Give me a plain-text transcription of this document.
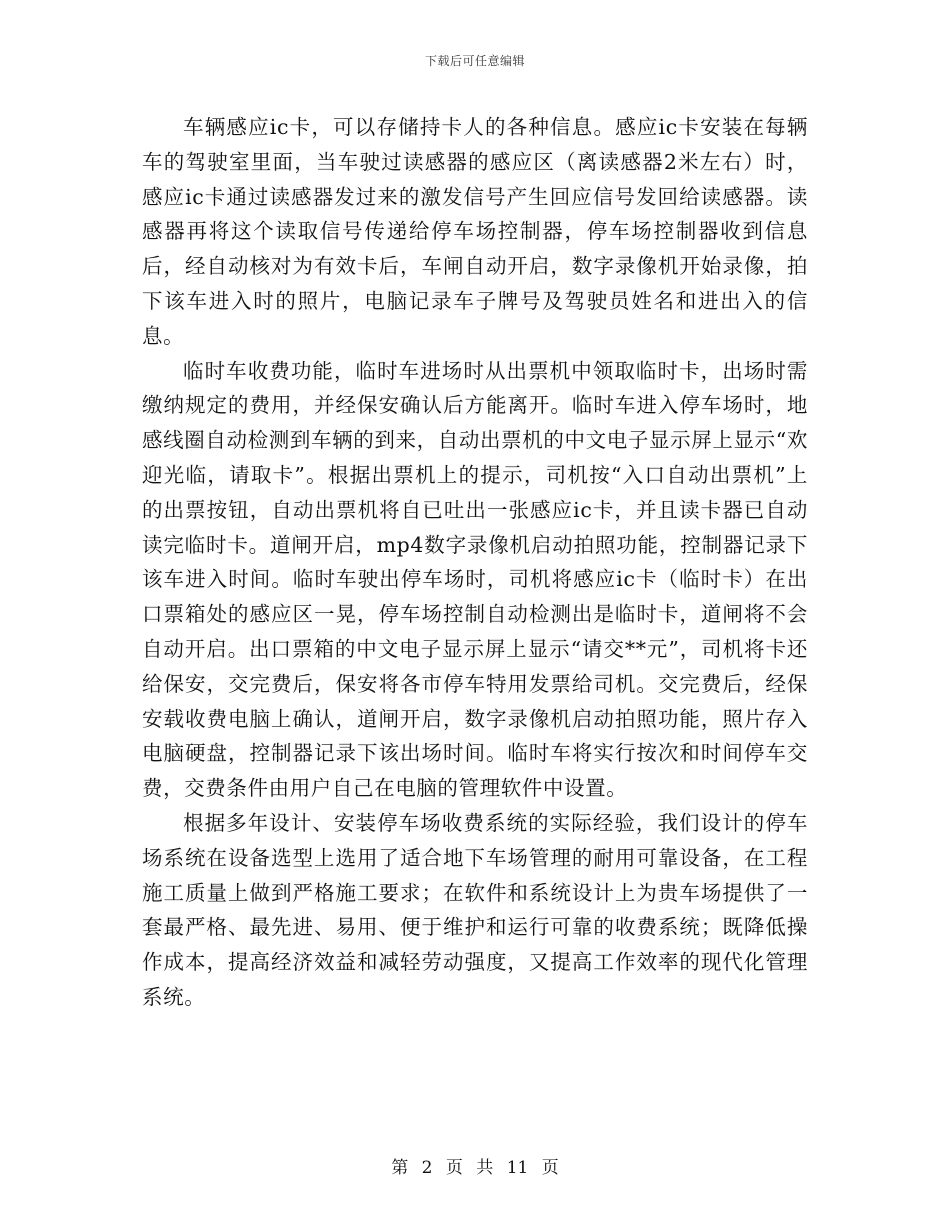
下载后可任意编辑

车辆感应ic卡，可以存储持卡人的各种信息。感应ic卡安装在每辆车的驾驶室里面，当车驶过读感器的感应区（离读感器2米左右）时，感应ic卡通过读感器发过来的激发信号产生回应信号发回给读感器。读感器再将这个读取信号传递给停车场控制器，停车场控制器收到信息后，经自动核对为有效卡后，车闸自动开启，数字录像机开始录像，拍下该车进入时的照片，电脑记录车子牌号及驾驶员姓名和进出入的信息。

临时车收费功能，临时车进场时从出票机中领取临时卡，出场时需缴纳规定的费用，并经保安确认后方能离开。临时车进入停车场时，地感线圈自动检测到车辆的到来，自动出票机的中文电子显示屏上显示“欢迎光临，请取卡”。根据出票机上的提示，司机按“入口自动出票机”上的出票按钮，自动出票机将自已吐出一张感应ic卡，并且读卡器已自动读完临时卡。道闸开启，mp4数字录像机启动拍照功能，控制器记录下该车进入时间。临时车驶出停车场时，司机将感应ic卡（临时卡）在出口票箱处的感应区一晃，停车场控制自动检测出是临时卡，道闸将不会自动开启。出口票箱的中文电子显示屏上显示“请交**元”，司机将卡还给保安，交完费后，保安将各市停车特用发票给司机。交完费后，经保安载收费电脑上确认，道闸开启，数字录像机启动拍照功能，照片存入电脑硬盘，控制器记录下该出场时间。临时车将实行按次和时间停车交费，交费条件由用户自己在电脑的管理软件中设置。

根据多年设计、安装停车场收费系统的实际经验，我们设计的停车场系统在设备选型上选用了适合地下车场管理的耐用可靠设备，在工程施工质量上做到严格施工要求；在软件和系统设计上为贵车场提供了一套最严格、最先进、易用、便于维护和运行可靠的收费系统；既降低操作成本，提高经济效益和减轻劳动强度，又提高工作效率的现代化管理系统。

第 2 页 共 11 页
